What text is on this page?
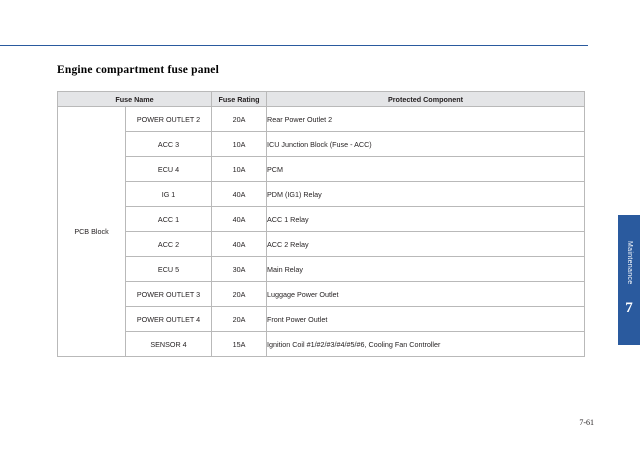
Engine compartment fuse panel
Fuse Name		Fuse Rating	Protected Component
PCB Block	POWER OUTLET 2	20A	Rear Power Outlet 2
	ACC 3	10A	ICU Junction Block (Fuse - ACC)
	ECU 4	10A	PCM
	IG 1	40A	PDM (IG1) Relay
	ACC 1	40A	ACC 1 Relay
	ACC 2	40A	ACC 2 Relay
	ECU 5	30A	Main Relay
	POWER OUTLET 3	20A	Luggage Power Outlet
	POWER OUTLET 4	20A	Front Power Outlet
	SENSOR 4	15A	Ignition Coil #1/#2/#3/#4/#5/#6, Cooling Fan Controller
Maintenance
7
7-61
